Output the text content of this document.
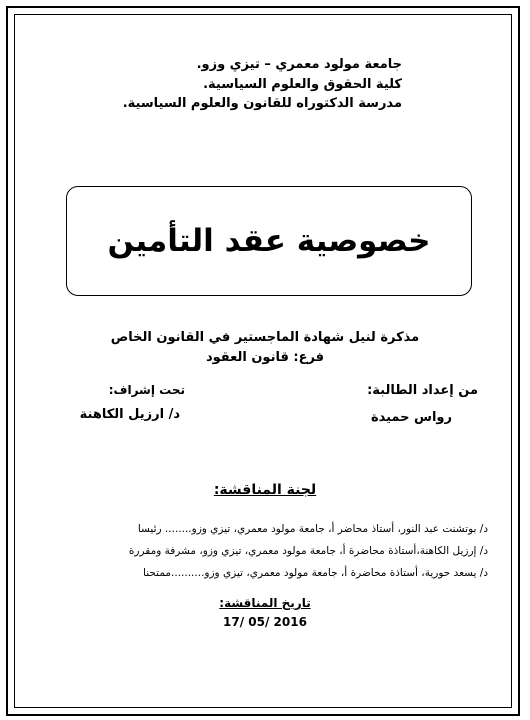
جامعة مولود معمري – تيزي وزو.
كلية الحقوق والعلوم السياسية.
مدرسة الدكتوراه للقانون والعلوم السياسية.
خصوصية عقد التأمين
مذكرة لنيل شهادة الماجستير في القانون الخاص
فرع: قانون العقود
من إعداد الطالبة:
رواس حميدة
تحت إشراف:
د/ ارزيل الكاهنة
لجنة المناقشة:
د/ بوتشنت عبد النور، أستاذ محاضر أ، جامعة مولود معمري، تيزي وزو........ رئيسا
د/ إرزيل الكاهنة،أستاذة محاضرة أ، جامعة مولود معمري، تيزي وزو، مشرفة ومقررة
د/ يسعد حورية، أستاذة محاضرة أ، جامعة مولود معمري، تيزي وزو..........ممتحنا
تاريخ المناقشة:
17/ 05/ 2016
